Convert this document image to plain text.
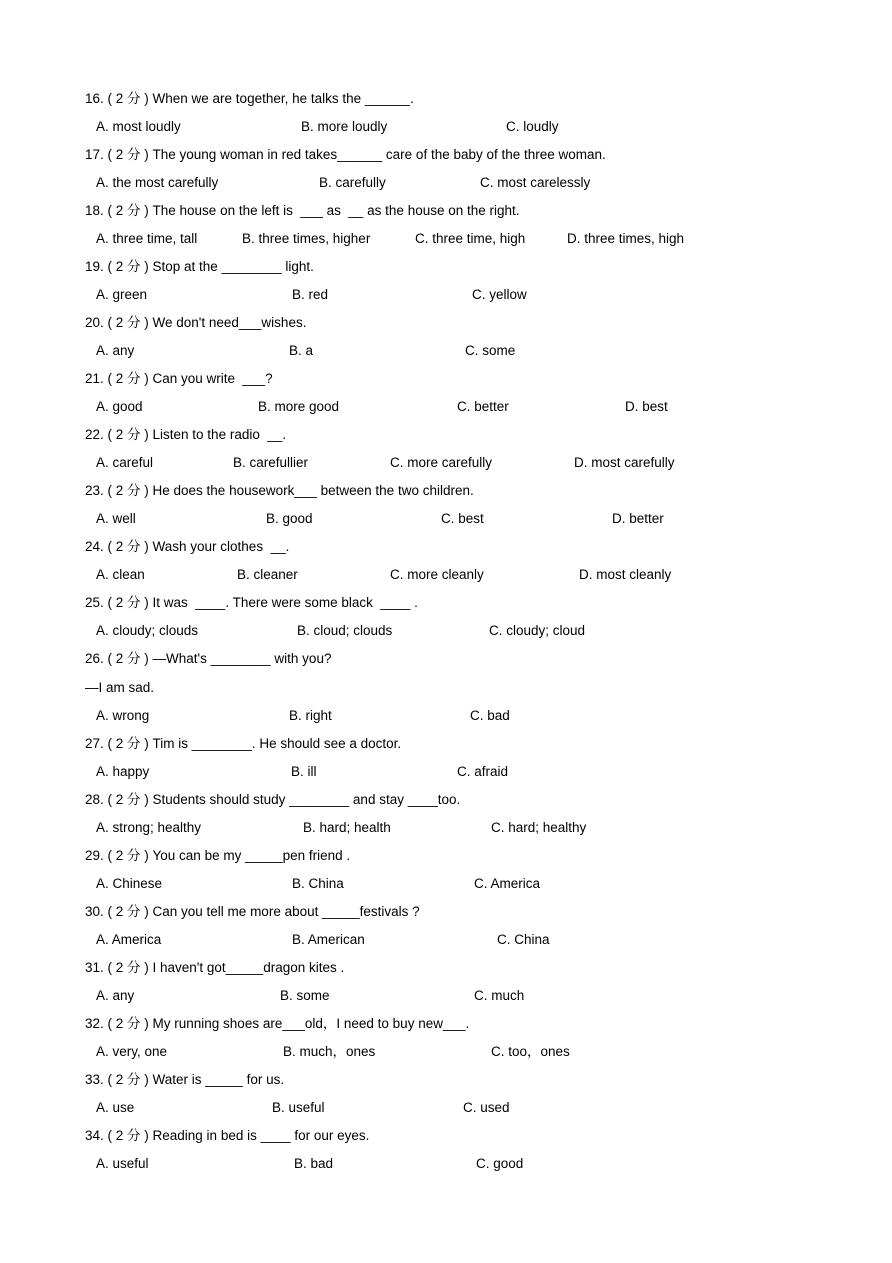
16. ( 2 分 ) When we are together, he talks the ______.
A. most loudly	B. more loudly	C. loudly
17. ( 2 分 ) The young woman in red takes______ care of the baby of the three woman.
A. the most carefully	B. carefully	C. most carelessly
18. ( 2 分 ) The house on the left is  ___ as  __ as the house on the right.
A. three time, tall	B. three times, higher	C. three time, high	D. three times, high
19. ( 2 分 ) Stop at the ________ light.
A. green	B. red	C. yellow
20. ( 2 分 ) We don't need___wishes.
A. any	B. a	C. some
21. ( 2 分 ) Can you write  ___?
A. good	B. more good	C. better	D. best
22. ( 2 分 ) Listen to the radio  __.
A. careful	B. carefullier	C. more carefully	D. most carefully
23. ( 2 分 ) He does the housework___ between the two children.
A. well	B. good	C. best	D. better
24. ( 2 分 ) Wash your clothes  __.
A. clean	B. cleaner	C. more cleanly	D. most cleanly
25. ( 2 分 ) It was  ____. There were some black  ____ .
A. cloudy; clouds	B. cloud; clouds	C. cloudy; cloud
26. ( 2 分 ) —What's ________ with you?
—I am sad.
A. wrong	B. right	C. bad
27. ( 2 分 ) Tim is ________. He should see a doctor.
A. happy	B. ill	C. afraid
28. ( 2 分 ) Students should study ________ and stay ____too.
A. strong; healthy	B. hard; health	C. hard; healthy
29. ( 2 分 ) You can be my _____pen friend .
A. Chinese	B. China	C. America
30. ( 2 分 ) Can you tell me more about _____festivals ?
A. America	B. American	C. China
31. ( 2 分 ) I haven't got_____dragon kites .
A. any	B. some	C. much
32. ( 2 分 ) My running shoes are___old，I need to buy new___.
A. very, one	B. much，ones	C. too，ones
33. ( 2 分 ) Water is _____ for us.
A. use	B. useful	C. used
34. ( 2 分 ) Reading in bed is ____ for our eyes.
A. useful	B. bad	C. good
